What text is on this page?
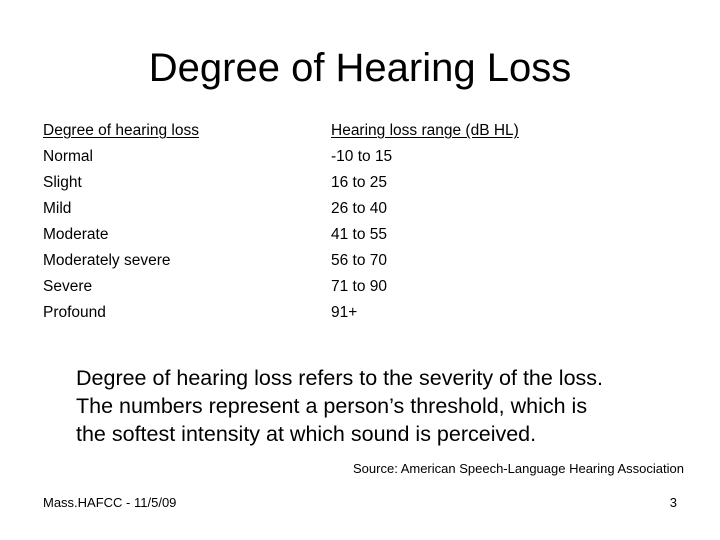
Degree of Hearing Loss
Degree of hearing loss	Hearing loss range (dB HL)
Normal	-10 to 15
Slight	16 to 25
Mild	26 to 40
Moderate	41 to 55
Moderately severe	56 to 70
Severe	71 to 90
Profound	91+
Degree of hearing loss refers to the severity of the loss.
The numbers represent a person’s threshold, which is
the softest intensity at which sound is perceived.
Source: American Speech-Language Hearing Association
Mass.HAFCC - 11/5/09	3
